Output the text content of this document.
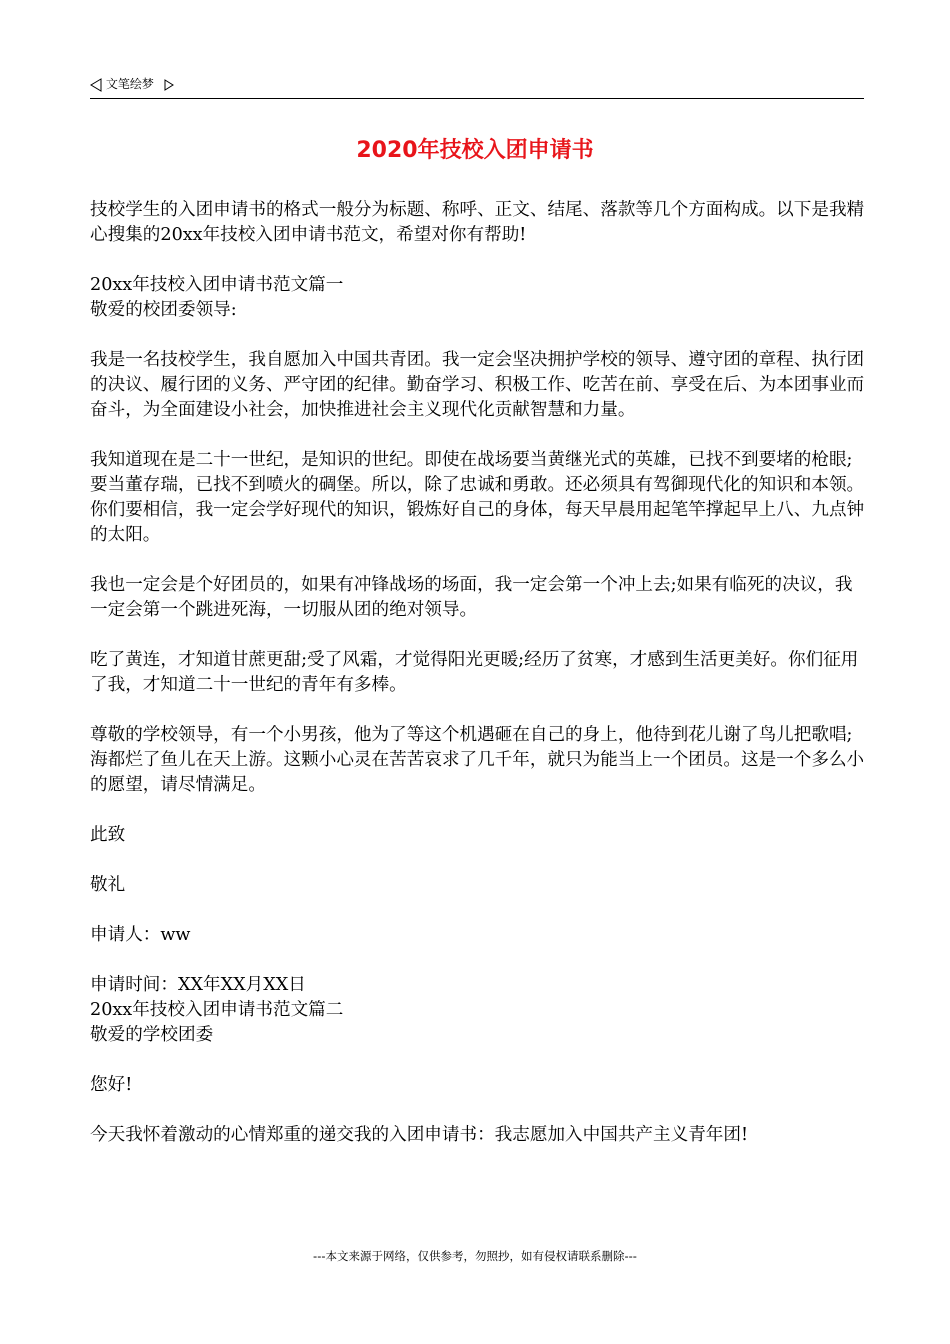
文笔绘梦
2020年技校入团申请书

技校学生的入团申请书的格式一般分为标题、称呼、正文、结尾、落款等几个方面构成。以下是我精心搜集的20xx年技校入团申请书范文，希望对你有帮助!

20xx年技校入团申请书范文篇一

敬爱的校团委领导:

我是一名技校学生，我自愿加入中国共青团。我一定会坚决拥护学校的领导、遵守团的章程、执行团的决议、履行团的义务、严守团的纪律。勤奋学习、积极工作、吃苦在前、享受在后、为本团事业而奋斗，为全面建设小社会，加快推进社会主义现代化贡献智慧和力量。

我知道现在是二十一世纪，是知识的世纪。即使在战场要当黄继光式的英雄，已找不到要堵的枪眼;要当董存瑞，已找不到喷火的碉堡。所以，除了忠诚和勇敢。还必须具有驾御现代化的知识和本领。你们要相信，我一定会学好现代的知识，锻炼好自己的身体，每天早晨用起笔竿撑起早上八、九点钟的太阳。

我也一定会是个好团员的，如果有冲锋战场的场面，我一定会第一个冲上去;如果有临死的决议，我一定会第一个跳进死海，一切服从团的绝对领导。

吃了黄连，才知道甘蔗更甜;受了风霜，才觉得阳光更暖;经历了贫寒，才感到生活更美好。你们征用了我，才知道二十一世纪的青年有多棒。

尊敬的学校领导，有一个小男孩，他为了等这个机遇砸在自己的身上，他待到花儿谢了鸟儿把歌唱;海都烂了鱼儿在天上游。这颗小心灵在苦苦哀求了几千年，就只为能当上一个团员。这是一个多么小的愿望，请尽情满足。

此致

敬礼

申请人：ww

申请时间：XX年XX月XX日

20xx年技校入团申请书范文篇二

敬爱的学校团委

您好!

今天我怀着激动的心情郑重的递交我的入团申请书：我志愿加入中国共产主义青年团!

---本文来源于网络，仅供参考，勿照抄，如有侵权请联系删除---
